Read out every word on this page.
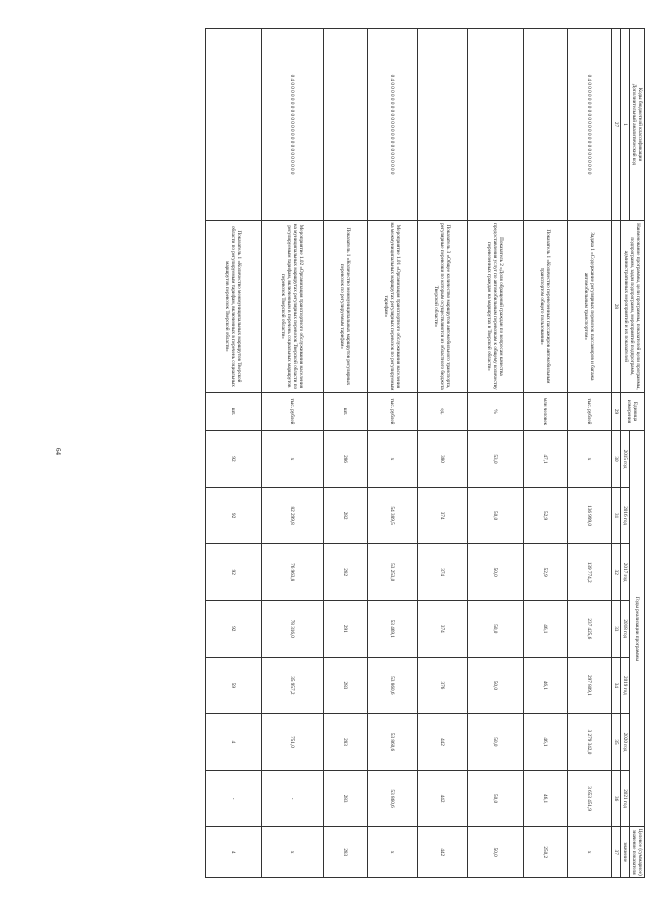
64
Коды бюджетной классификации
Дополнительный аналитический код	Наименование программы, цели программы, показателей цели программы, подпрограмм, задач подпрограмм, мероприятий подпрограмм, административных мероприятий и их показателей	Единица измерения	Годы реализации программы							Целевое (суммарное) значение показателя
1			2015 год	2016 год	2017 год	2018 год	2019 год	2020 год	2021 год	значение
27	28	29	30	31	32	33	34	35	36	37
0 4 0 0 0 0 0 0 0 0 0 0 0 0 0 0 0 0 0 0 0 0 0 0 0 0	Задача 1 «Содержание регулярных перевозок пассажиров и багажа автомобильным транспортом»	тыс. рублей	х	136 999,0	139 774,2	237 425,6	297 809,1	3 279 342,0	3 653 451,9	х
	Показатель 1 «Количество перевезенных пассажиров автомобильным транспортом общего пользования»	млн человек	47,1	52,9	52,9	46,1	46,1	46,1	46,1	250,2
	Показатель 2 «Доля обращений граждан по вопросам качества предоставления услуг по автомобильным перевозкам к общему количеству перевезенных граждан на маршрутах в Тверской области»	%	53,0	50,0	50,0	50,0	50,0	50,0	50,0	50,0
	Показатель 3 «Общее количество маршрутов автомобильного транспорта, регулярные перевозки по которым осуществляются из областного бюджета Тверской области»	ед.	380	374	374	374	376	442	442	442
0 4 0 0 0 0 0 0 0 0 0 0 0 0 0 0 0 0 0 0 0 0 0 0 0 0	Мероприятие 1.01 «Организация транспортного обслуживания населения на межмуниципальных маршрутах регулярных перевозок по регулируемым тарифам»	тыс. рублей	х	54 389,5	53 253,0	53 469,1	53 860,6	53 860,6	53 860,6	х
	Показатель 1 «Количество межмуниципальных маршрутов регулярных перевозок по регулируемым тарифам»	шт.	286	282	282	291	283	283	283	283
0 4 0 0 0 0 0 0 0 0 0 0 0 0 0 0 0 0 0 0 0 0 0 0 0 0	Мероприятие 1.02 «Организация транспортного обслуживания населения на муниципальных маршрутах регулярных перевозок Тверской области по регулируемым тарифам, включенным в перечень социальных маршрутов перевозок Тверской области»	тыс. рублей	х	82 299,8	76 963,8	78 316,0	35 957,2	751,0	-	х
	Показатель 1 «Количество межмуниципальных маршрутов Тверской области по регулируемым тарифам, включенных в перечень социальных маршрутов перевозок Тверской области»	шт.	92	92	92	92	59	4	-	4
